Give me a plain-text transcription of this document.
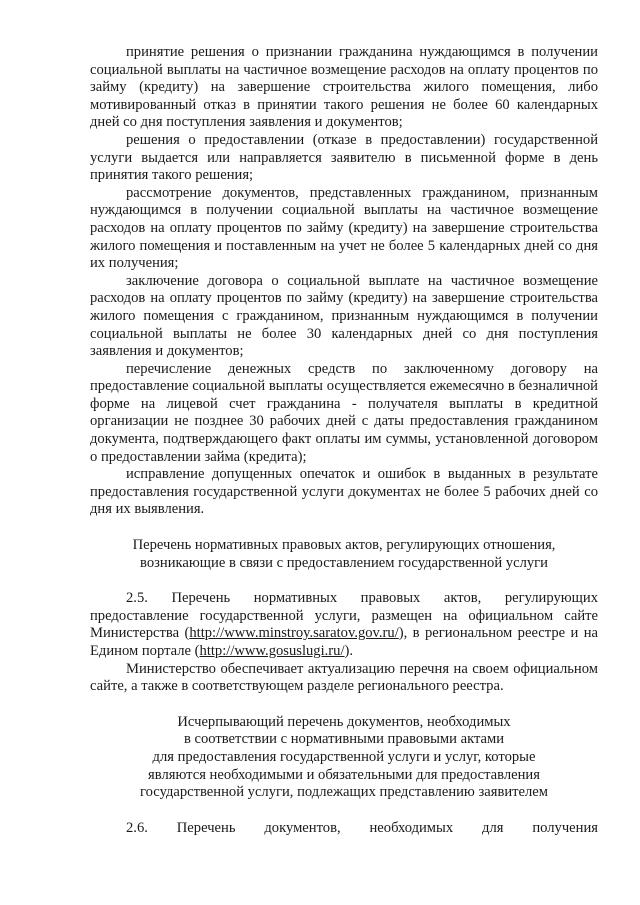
принятие решения о признании гражданина нуждающимся в получении социальной выплаты на частичное возмещение расходов на оплату процентов по займу (кредиту) на завершение строительства жилого помещения, либо мотивированный отказ в принятии такого решения не более 60 календарных дней со дня поступления заявления и документов;

решения о предоставлении (отказе в предоставлении) государственной услуги выдается или направляется заявителю в письменной форме в день принятия такого решения;

рассмотрение документов, представленных гражданином, признанным нуждающимся в получении социальной выплаты на частичное возмещение расходов на оплату процентов по займу (кредиту) на завершение строительства жилого помещения и поставленным на учет не более 5 календарных дней со дня их получения;

заключение договора о социальной выплате на частичное возмещение расходов на оплату процентов по займу (кредиту) на завершение строительства жилого помещения с гражданином, признанным нуждающимся в получении социальной выплаты не более 30 календарных дней со дня поступления заявления и документов;

перечисление денежных средств по заключенному договору на предоставление социальной выплаты осуществляется ежемесячно в безналичной форме на лицевой счет гражданина - получателя выплаты в кредитной организации не позднее 30 рабочих дней с даты предоставления гражданином документа, подтверждающего факт оплаты им суммы, установленной договором о предоставлении займа (кредита);

исправление допущенных опечаток и ошибок в выданных в результате предоставления государственной услуги документах не более 5 рабочих дней со дня их выявления.

Перечень нормативных правовых актов, регулирующих отношения,

возникающие в связи с предоставлением государственной услуги

2.5. Перечень нормативных правовых актов, регулирующих предоставление государственной услуги, размещен на официальном сайте Министерства (http://www.minstroy.saratov.gov.ru/), в региональном реестре и на Едином портале (http://www.gosuslugi.ru/).

Министерство обеспечивает актуализацию перечня на своем официальном сайте, а также в соответствующем разделе регионального реестра.

Исчерпывающий перечень документов, необходимых

в соответствии с нормативными правовыми актами

для предоставления государственной услуги и услуг, которые

являются необходимыми и обязательными для предоставления

государственной услуги, подлежащих представлению заявителем

2.6. Перечень документов, необходимых для получения
